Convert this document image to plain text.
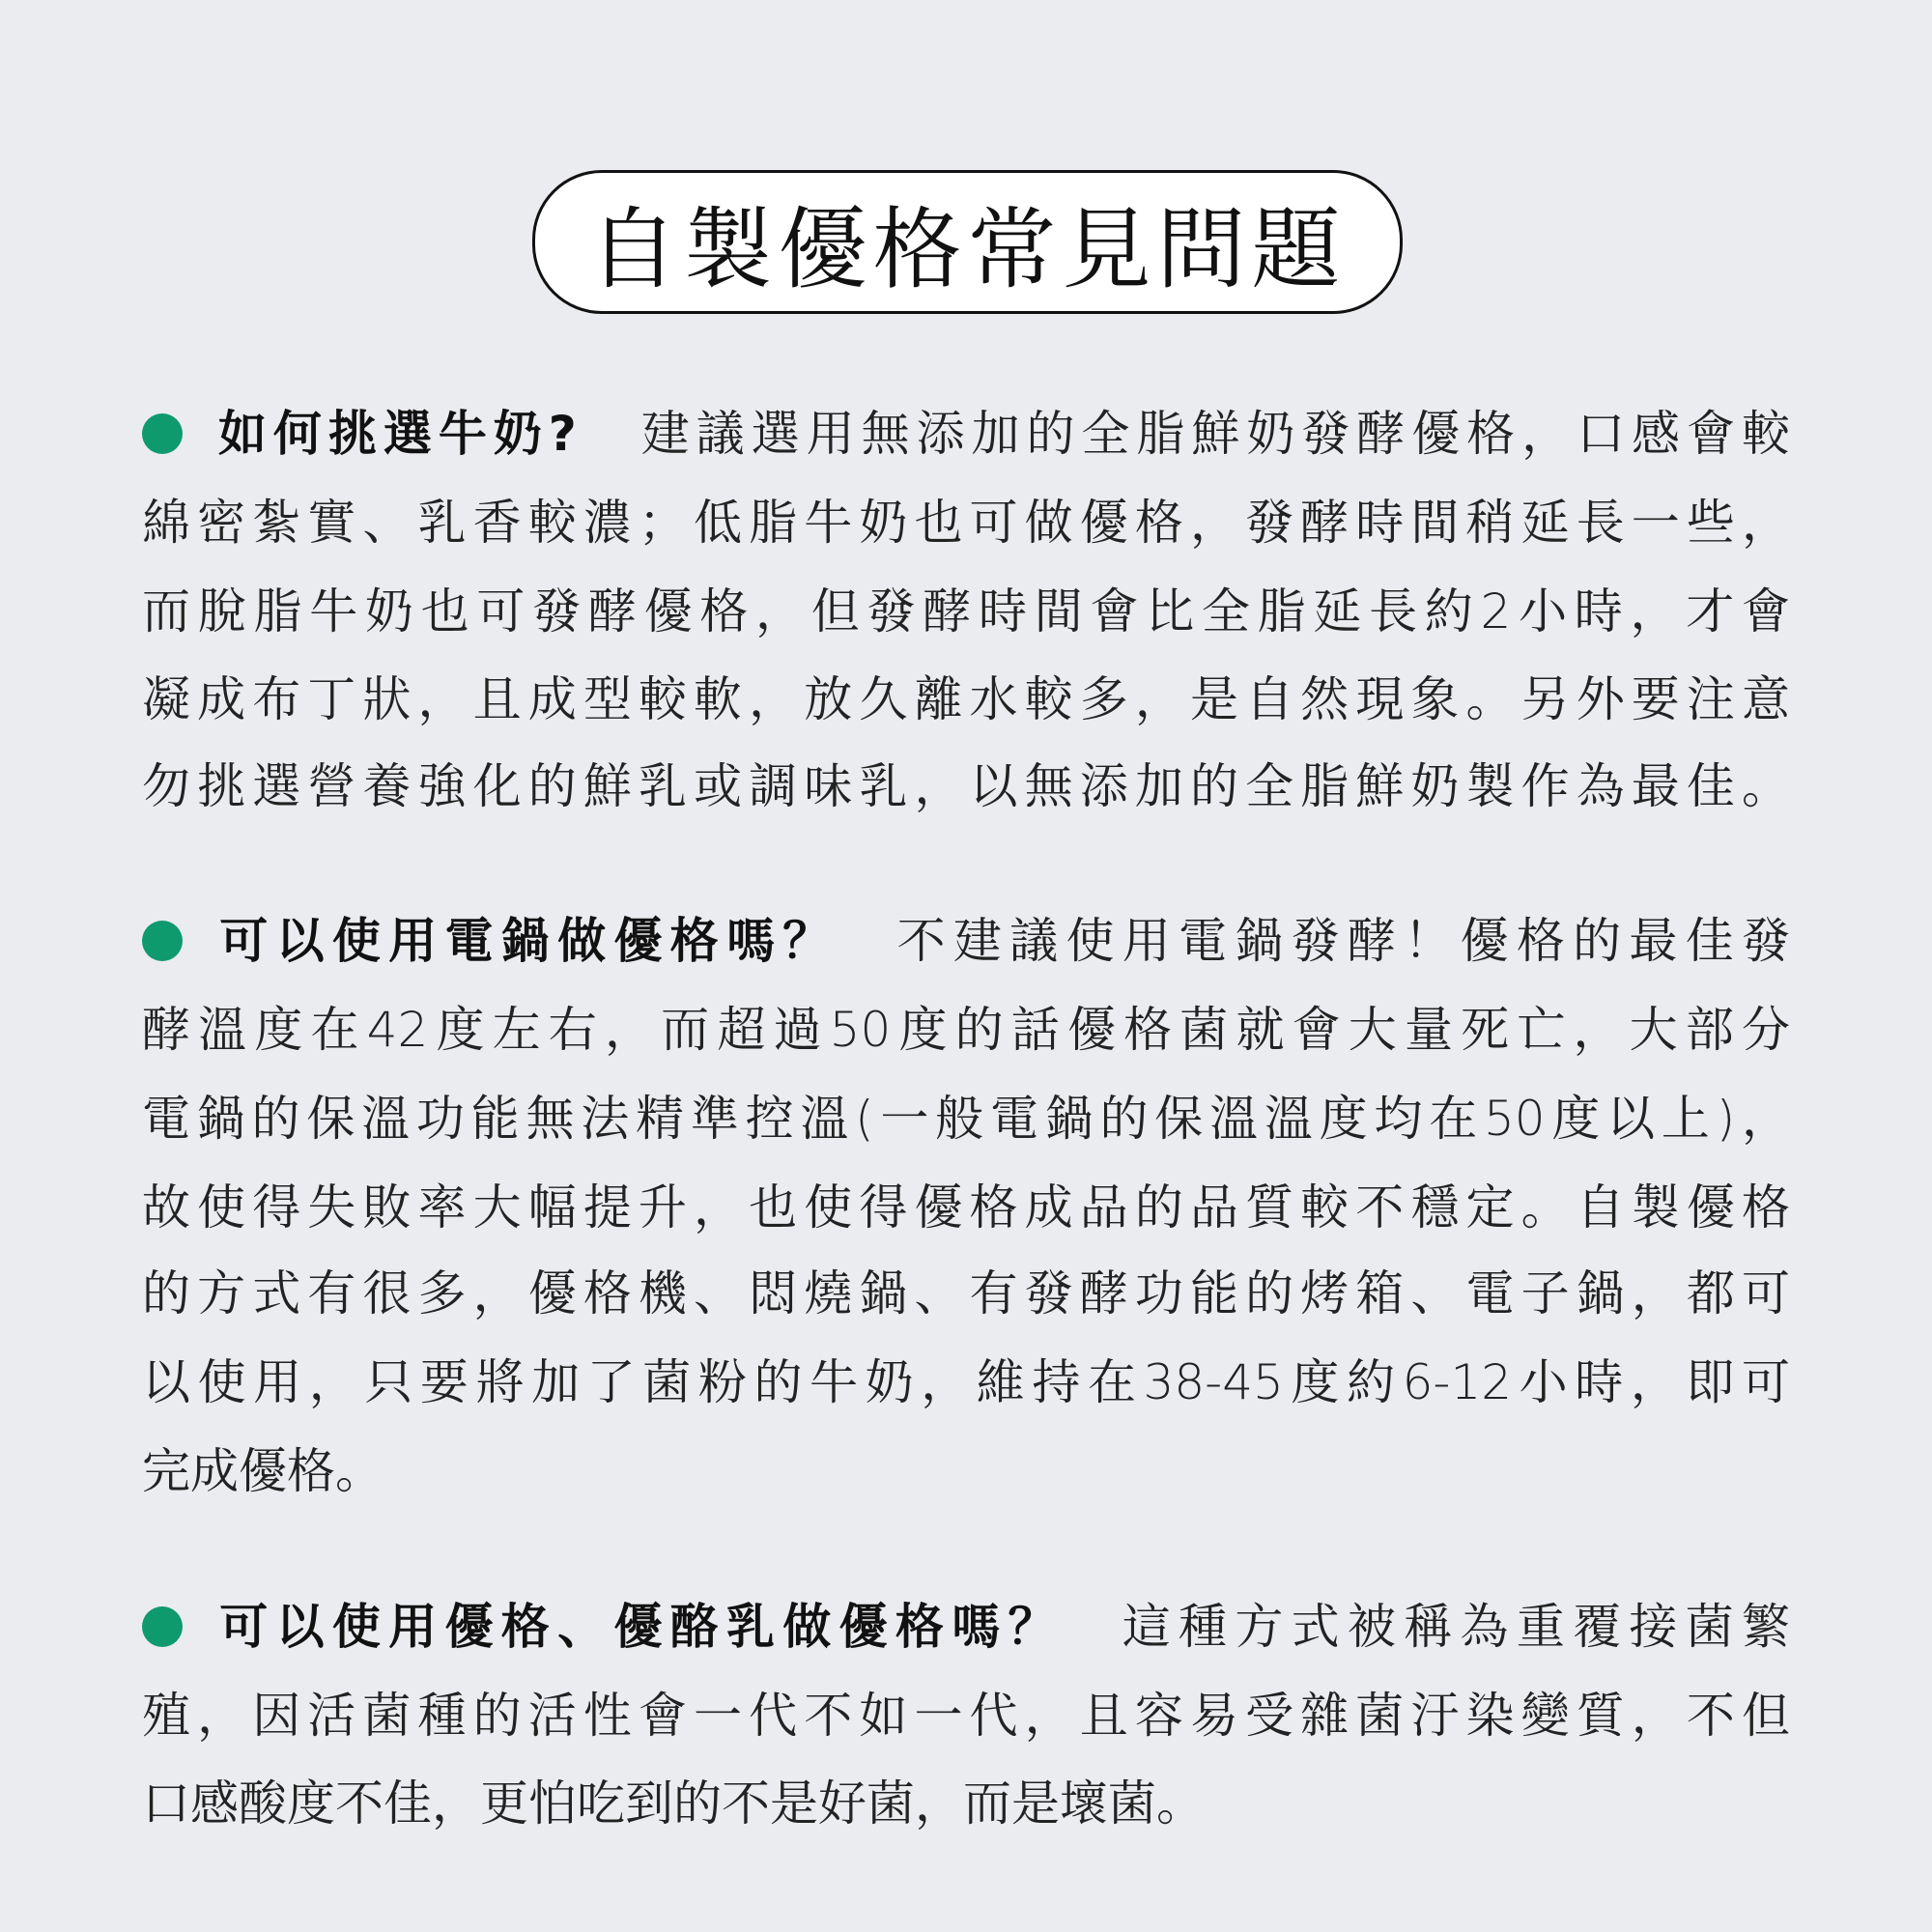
自製優格常見問題
如何挑選牛奶? 建議選用無添加的全脂鮮奶發酵優格，口感會較
綿密紮實、乳香較濃；低脂牛奶也可做優格，發酵時間稍延長一些，
而脫脂牛奶也可發酵優格，但發酵時間會比全脂延長約2小時，才會
凝成布丁狀，且成型較軟，放久離水較多，是自然現象。另外要注意
勿挑選營養強化的鮮乳或調味乳，以無添加的全脂鮮奶製作為最佳。
可以使用電鍋做優格嗎？ 不建議使用電鍋發酵！優格的最佳發
酵溫度在42度左右，而超過50度的話優格菌就會大量死亡，大部分
電鍋的保溫功能無法精準控溫(一般電鍋的保溫溫度均在50度以上)，
故使得失敗率大幅提升，也使得優格成品的品質較不穩定。自製優格
的方式有很多，優格機、悶燒鍋、有發酵功能的烤箱、電子鍋，都可
以使用，只要將加了菌粉的牛奶，維持在38-45度約6-12小時，即可
完成優格。
可以使用優格、優酪乳做優格嗎？ 這種方式被稱為重覆接菌繁
殖，因活菌種的活性會一代不如一代，且容易受雜菌汙染變質，不但
口感酸度不佳，更怕吃到的不是好菌，而是壞菌。
